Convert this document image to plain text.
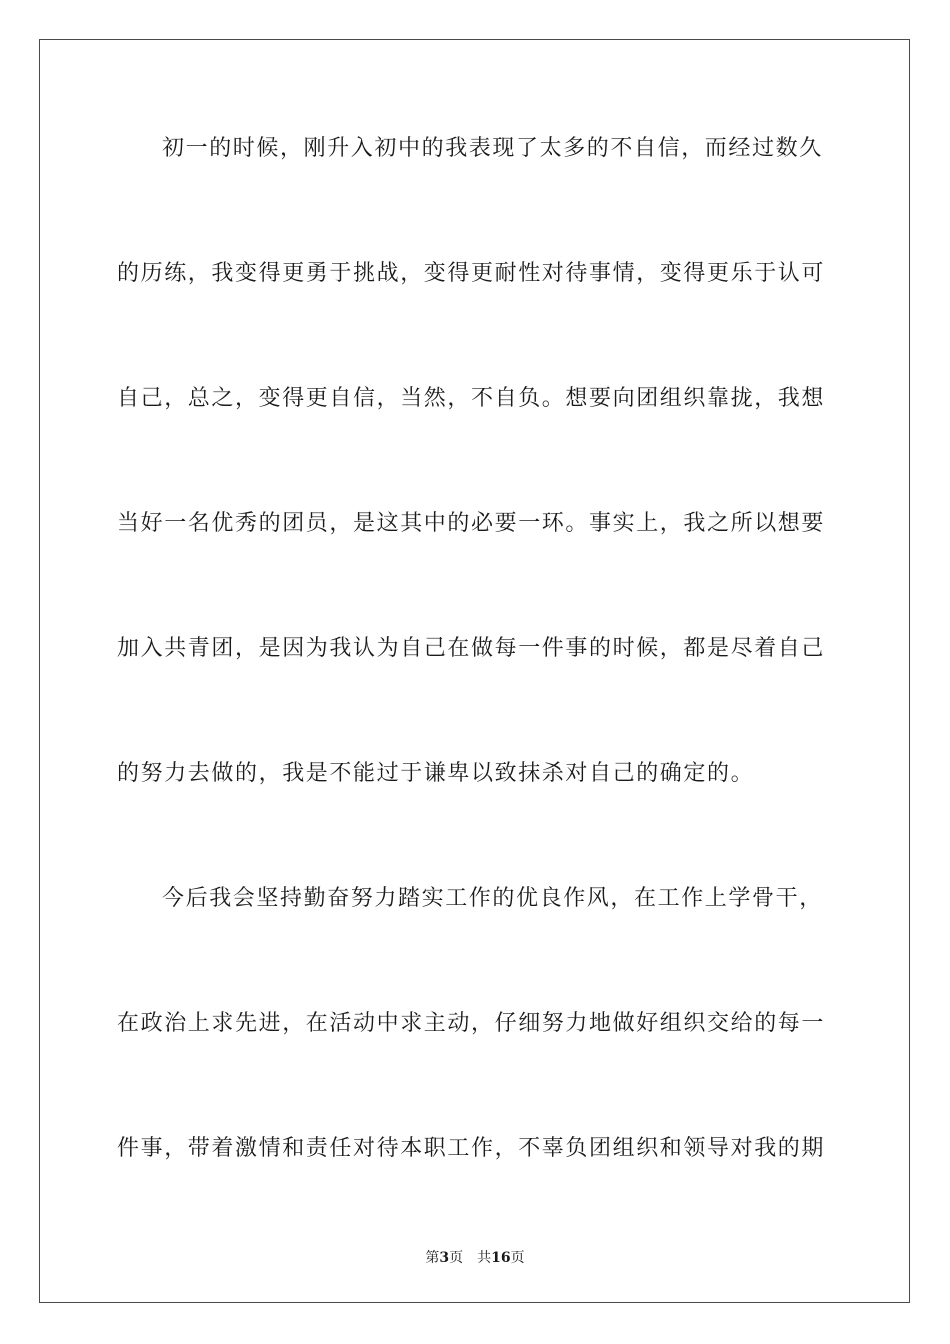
初一的时候，刚升入初中的我表现了太多的不自信，而经过数久
的历练，我变得更勇于挑战，变得更耐性对待事情，变得更乐于认可
自己，总之，变得更自信，当然，不自负。想要向团组织靠拢，我想
当好一名优秀的团员，是这其中的必要一环。事实上，我之所以想要
加入共青团，是因为我认为自己在做每一件事的时候，都是尽着自己
的努力去做的，我是不能过于谦卑以致抹杀对自己的确定的。
今后我会坚持勤奋努力踏实工作的优良作风，在工作上学骨干，
在政治上求先进，在活动中求主动，仔细努力地做好组织交给的每一
件事，带着激情和责任对待本职工作，不辜负团组织和领导对我的期
第3页 共16页
